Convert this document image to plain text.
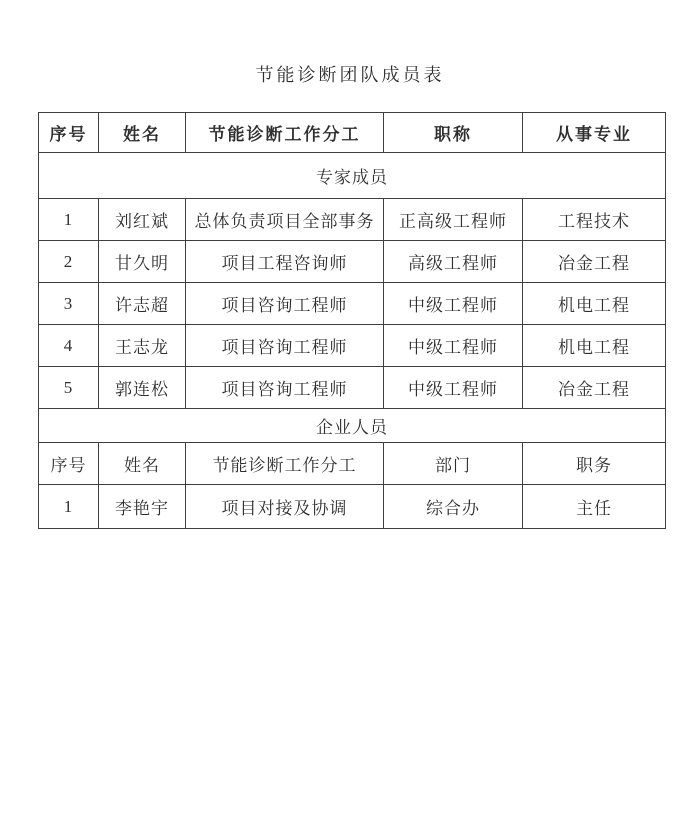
节能诊断团队成员表
序号	姓名	节能诊断工作分工	职称	从事专业
专家成员				
1	刘红斌	总体负责项目全部事务	正高级工程师	工程技术
2	甘久明	项目工程咨询师	高级工程师	冶金工程
3	许志超	项目咨询工程师	中级工程师	机电工程
4	王志龙	项目咨询工程师	中级工程师	机电工程
5	郭连松	项目咨询工程师	中级工程师	冶金工程
企业人员				
序号	姓名	节能诊断工作分工	部门	职务
1	李艳宇	项目对接及协调	综合办	主任
